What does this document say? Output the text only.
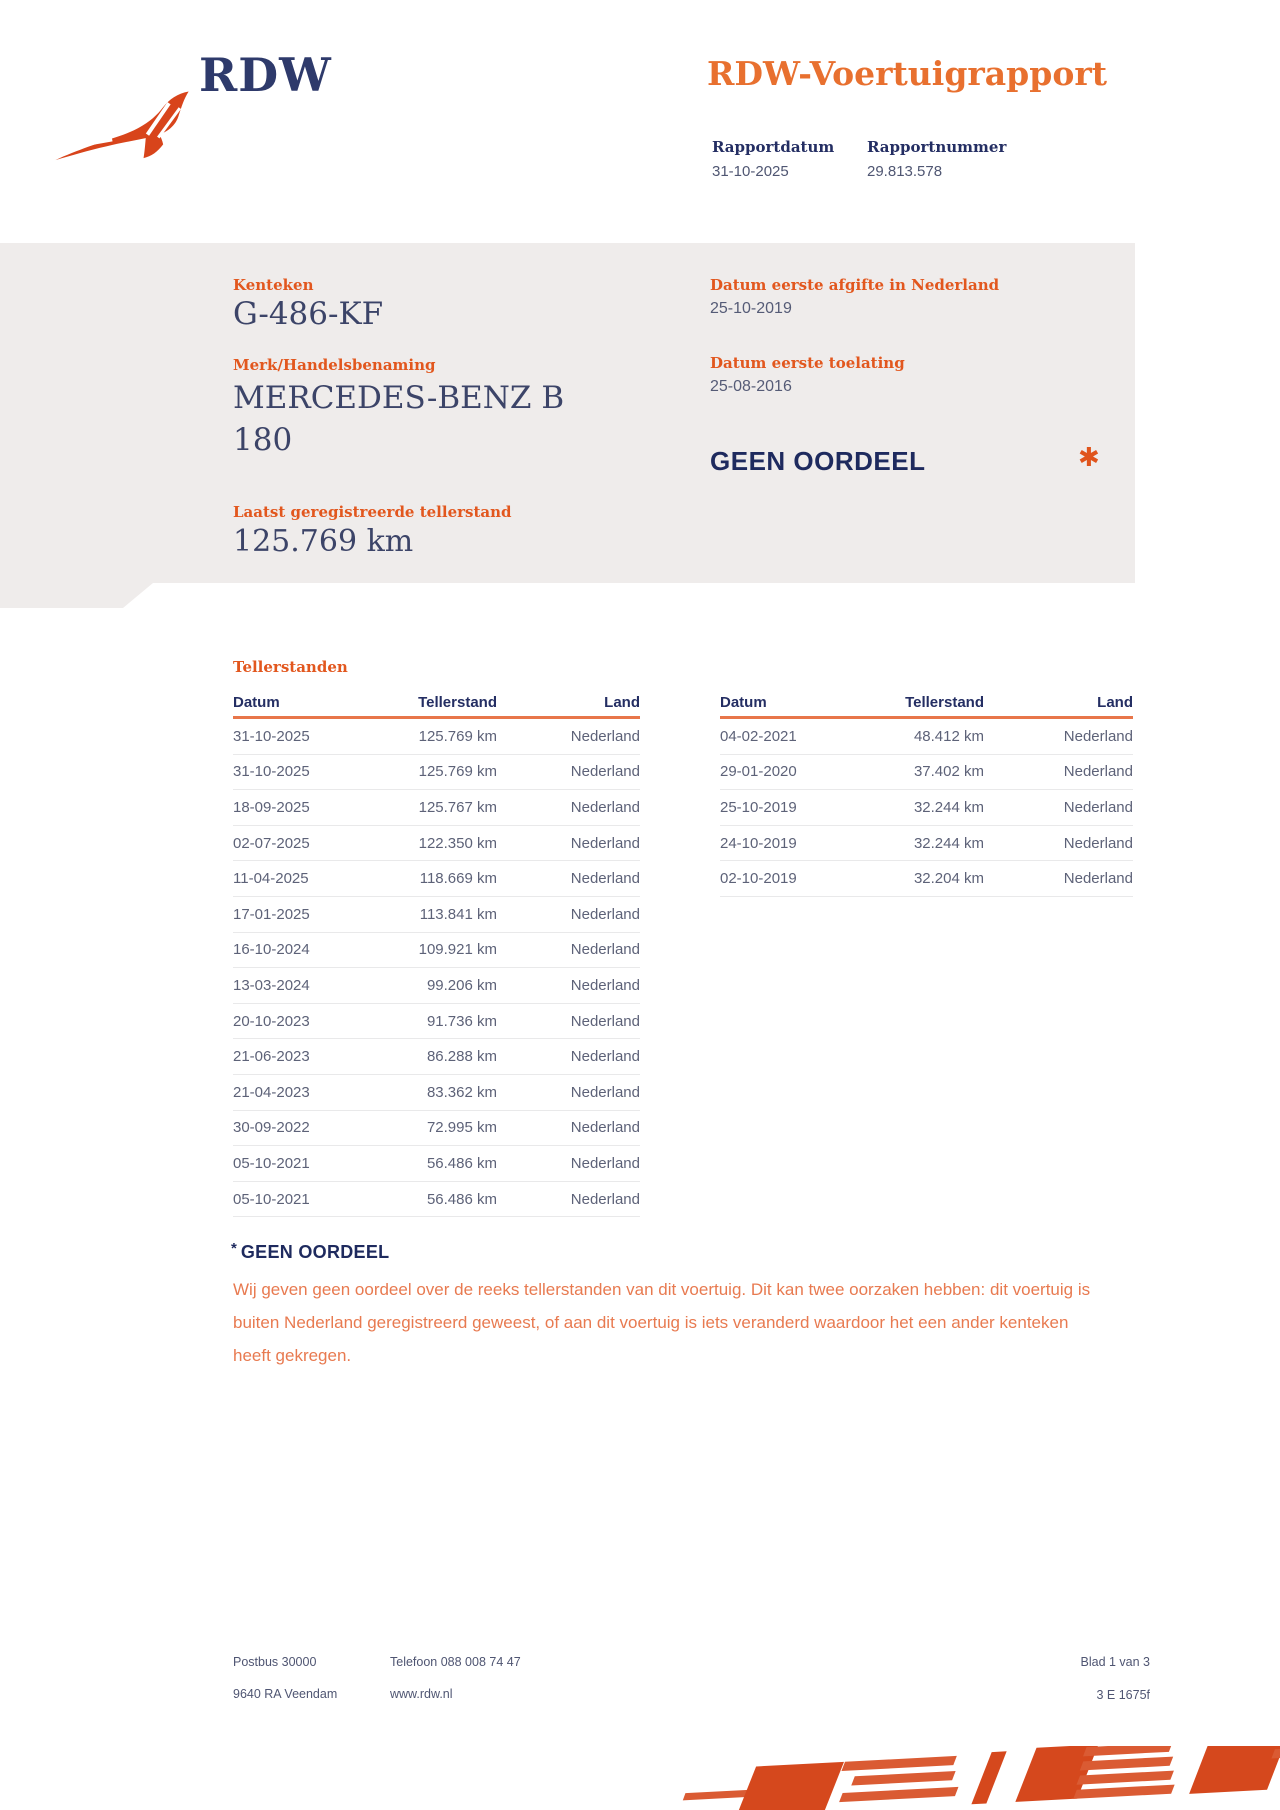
RDW	RDW-Voertuigrapport
Rapportdatum Rapportnummer
31-10-2025	29.813.578
Kenteken
G-486-KF
Merk/Handelsbenaming
MERCEDES-BENZ B 180
Laatst geregistreerde tellerstand
125.769 km
Datum eerste afgifte in Nederland
25-10-2019
Datum eerste toelating
25-08-2016
GEEN OORDEEL	✱
Tellerstanden
Datum	Tellerstand	Land
31-10-2025	125.769 km	Nederland
31-10-2025	125.769 km	Nederland
18-09-2025	125.767 km	Nederland
02-07-2025	122.350 km	Nederland
11-04-2025	118.669 km	Nederland
17-01-2025	113.841 km	Nederland
16-10-2024	109.921 km	Nederland
13-03-2024	99.206 km	Nederland
20-10-2023	91.736 km	Nederland
21-06-2023	86.288 km	Nederland
21-04-2023	83.362 km	Nederland
30-09-2022	72.995 km	Nederland
05-10-2021	56.486 km	Nederland
05-10-2021	56.486 km	Nederland
Datum	Tellerstand	Land
04-02-2021	48.412 km	Nederland
29-01-2020	37.402 km	Nederland
25-10-2019	32.244 km	Nederland
24-10-2019	32.244 km	Nederland
02-10-2019	32.204 km	Nederland
* GEEN OORDEEL
Wij geven geen oordeel over de reeks tellerstanden van dit voertuig. Dit kan twee oorzaken hebben: dit voertuig is buiten Nederland geregistreerd geweest, of aan dit voertuig is iets veranderd waardoor het een ander kenteken heeft gekregen.
Postbus 30000
9640 RA Veendam
Telefoon 088 008 74 47
www.rdw.nl
Blad 1 van 3
3 E 1675f
